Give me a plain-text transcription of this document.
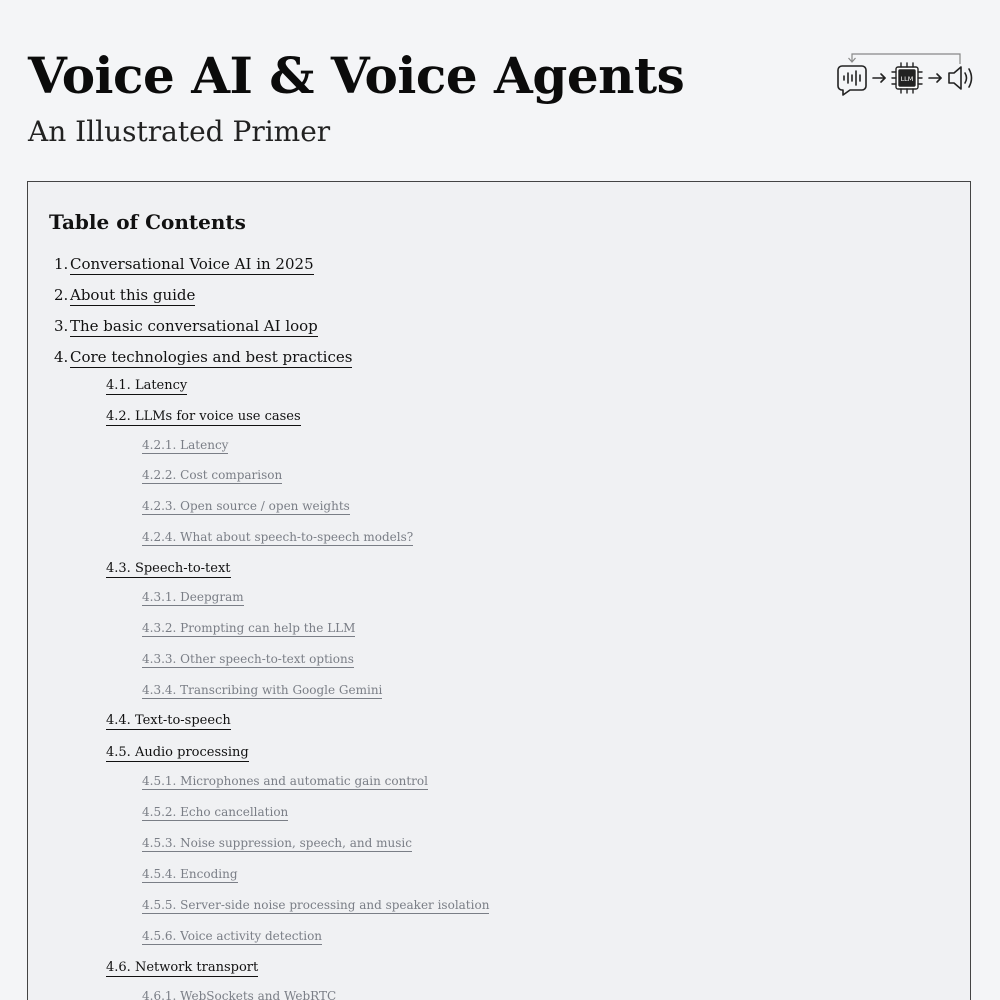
Voice AI & Voice Agents
An Illustrated Primer
LLM
Table of Contents
1. Conversational Voice AI in 2025
2. About this guide
3. The basic conversational AI loop
4. Core technologies and best practices
4.1. Latency
4.2. LLMs for voice use cases
4.2.1. Latency
4.2.2. Cost comparison
4.2.3. Open source / open weights
4.2.4. What about speech-to-speech models?
4.3. Speech-to-text
4.3.1. Deepgram
4.3.2. Prompting can help the LLM
4.3.3. Other speech-to-text options
4.3.4. Transcribing with Google Gemini
4.4. Text-to-speech
4.5. Audio processing
4.5.1. Microphones and automatic gain control
4.5.2. Echo cancellation
4.5.3. Noise suppression, speech, and music
4.5.4. Encoding
4.5.5. Server-side noise processing and speaker isolation
4.5.6. Voice activity detection
4.6. Network transport
4.6.1. WebSockets and WebRTC
